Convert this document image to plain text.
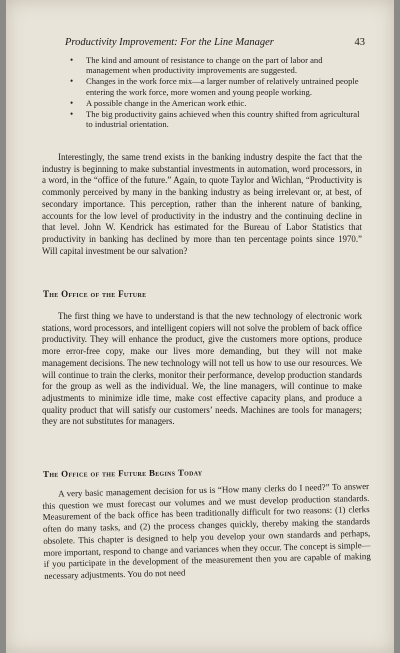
Productivity Improvement: For the Line Manager	43
• The kind and amount of resistance to change on the part of labor and management when productivity improvements are suggested.
• Changes in the work force mix—a larger number of relatively untrained people entering the work force, more women and young people working.
• A possible change in the American work ethic.
• The big productivity gains achieved when this country shifted from agricultural to industrial orientation.

Interestingly, the same trend exists in the banking industry despite the fact that the industry is beginning to make substantial investments in automation, word processors, in a word, in the “office of the future.” Again, to quote Taylor and Wichlan, “Productivity is commonly perceived by many in the banking industry as being irrelevant or, at best, of secondary importance. This perception, rather than the inherent nature of banking, accounts for the low level of productivity in the industry and the continuing decline in that level. John W. Kendrick has estimated for the Bureau of Labor Statistics that productivity in banking has declined by more than ten percentage points since 1970.” Will capital investment be our salvation?

The Office of the Future

The first thing we have to understand is that the new technology of electronic work stations, word processors, and intelligent copiers will not solve the problem of back office productivity. They will enhance the product, give the customers more options, produce more error-free copy, make our lives more demanding, but they will not make management decisions. The new technology will not tell us how to use our resources. We will continue to train the clerks, monitor their performance, develop production standards for the group as well as the individual. We, the line managers, will continue to make adjustments to minimize idle time, make cost effective capacity plans, and produce a quality product that will satisfy our customers’ needs. Machines are tools for managers; they are not substitutes for managers.

The Office of the Future Begins Today

A very basic management decision for us is “How many clerks do I need?” To answer this question we must forecast our volumes and we must develop production standards. Measurement of the back office has been traditionally difficult for two reasons: (1) clerks often do many tasks, and (2) the process changes quickly, thereby making the standards obsolete. This chapter is designed to help you develop your own standards and perhaps, more important, respond to change and variances when they occur. The concept is simple—if you participate in the development of the measurement then you are capable of making necessary adjustments. You do not need
